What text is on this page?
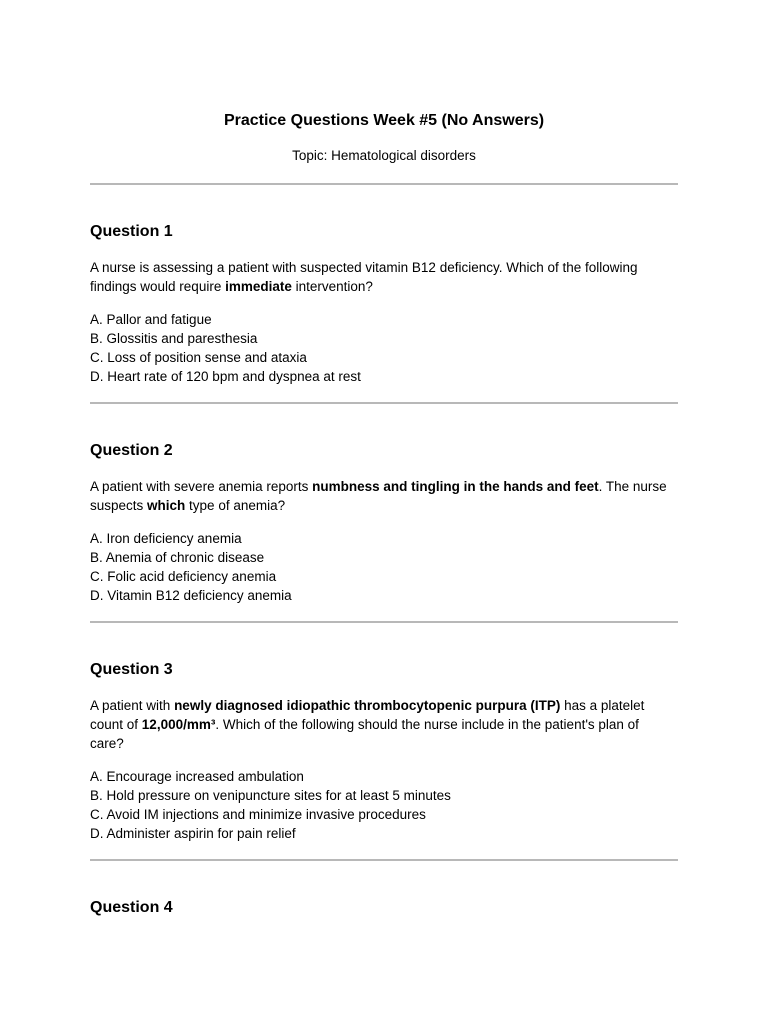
Practice Questions Week #5 (No Answers)
Topic: Hematological disorders
Question 1
A nurse is assessing a patient with suspected vitamin B12 deficiency. Which of the following findings would require immediate intervention?
A. Pallor and fatigue
B. Glossitis and paresthesia
C. Loss of position sense and ataxia
D. Heart rate of 120 bpm and dyspnea at rest
Question 2
A patient with severe anemia reports numbness and tingling in the hands and feet. The nurse suspects which type of anemia?
A. Iron deficiency anemia
B. Anemia of chronic disease
C. Folic acid deficiency anemia
D. Vitamin B12 deficiency anemia
Question 3
A patient with newly diagnosed idiopathic thrombocytopenic purpura (ITP) has a platelet count of 12,000/mm³. Which of the following should the nurse include in the patient's plan of care?
A. Encourage increased ambulation
B. Hold pressure on venipuncture sites for at least 5 minutes
C. Avoid IM injections and minimize invasive procedures
D. Administer aspirin for pain relief
Question 4
